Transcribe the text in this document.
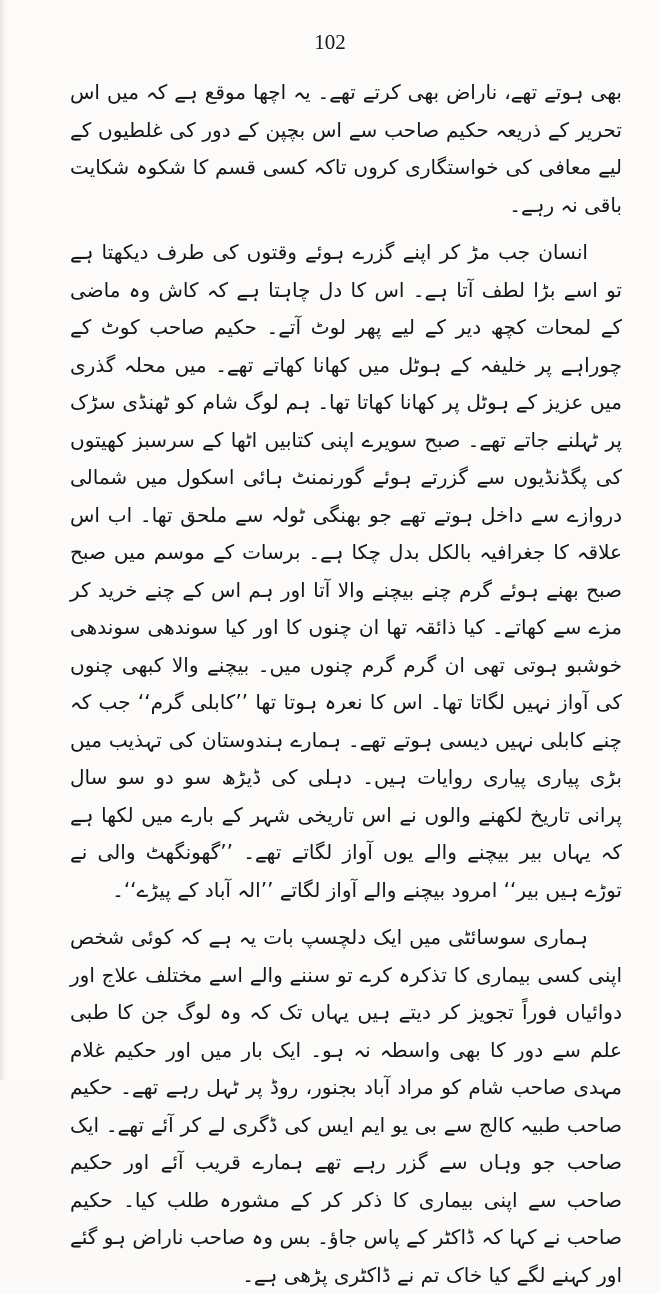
102

بھی ہوتے تھے، ناراض بھی کرتے تھے۔ یہ اچھا موقع ہے کہ میں اس تحریر کے ذریعہ حکیم صاحب سے اس بچپن کے دور کی غلطیوں کے لیے معافی کی خواستگاری کروں تاکہ کسی قسم کا شکوہ شکایت باقی نہ رہے۔

انسان جب مڑ کر اپنے گزرے ہوئے وقتوں کی طرف دیکھتا ہے تو اسے بڑا لطف آتا ہے۔ اس کا دل چاہتا ہے کہ کاش وہ ماضی کے لمحات کچھ دیر کے لیے پھر لوٹ آتے۔ حکیم صاحب کوٹ کے چوراہے پر خلیفہ کے ہوٹل میں کھانا کھاتے تھے۔ میں محلہ گذری میں عزیز کے ہوٹل پر کھانا کھاتا تھا۔ ہم لوگ شام کو ٹھنڈی سڑک پر ٹہلنے جاتے تھے۔ صبح سویرے اپنی کتابیں اٹھا کے سرسبز کھیتوں کی پگڈنڈیوں سے گزرتے ہوئے گورنمنٹ ہائی اسکول میں شمالی دروازے سے داخل ہوتے تھے جو بھنگی ٹولہ سے ملحق تھا۔ اب اس علاقہ کا جغرافیہ بالکل بدل چکا ہے۔ برسات کے موسم میں صبح صبح بھنے ہوئے گرم چنے بیچنے والا آتا اور ہم اس کے چنے خرید کر مزے سے کھاتے۔ کیا ذائقہ تھا ان چنوں کا اور کیا سوندھی سوندھی خوشبو ہوتی تھی ان گرم گرم چنوں میں۔ بیچنے والا کبھی چنوں کی آواز نہیں لگاتا تھا۔ اس کا نعرہ ہوتا تھا ’’کابلی گرم‘‘ جب کہ چنے کابلی نہیں دیسی ہوتے تھے۔ ہمارے ہندوستان کی تہذیب میں بڑی پیاری پیاری روایات ہیں۔ دہلی کی ڈیڑھ سو دو سو سال پرانی تاریخ لکھنے والوں نے اس تاریخی شہر کے بارے میں لکھا ہے کہ یہاں بیر بیچنے والے یوں آواز لگاتے تھے۔ ’’گھونگھٹ والی نے توڑے ہیں بیر‘‘ امرود بیچنے والے آواز لگاتے ’’الہ آباد کے پیڑے‘‘۔

ہماری سوسائٹی میں ایک دلچسپ بات یہ ہے کہ کوئی شخص اپنی کسی بیماری کا تذکرہ کرے تو سننے والے اسے مختلف علاج اور دوائیاں فوراً تجویز کر دیتے ہیں یہاں تک کہ وہ لوگ جن کا طبی علم سے دور کا بھی واسطہ نہ ہو۔ ایک بار میں اور حکیم غلام مہدی صاحب شام کو مراد آباد بجنور، روڈ پر ٹہل رہے تھے۔ حکیم صاحب طبیہ کالج سے بی یو ایم ایس کی ڈگری لے کر آئے تھے۔ ایک صاحب جو وہاں سے گزر رہے تھے ہمارے قریب آئے اور حکیم صاحب سے اپنی بیماری کا ذکر کر کے مشورہ طلب کیا۔ حکیم صاحب نے کہا کہ ڈاکٹر کے پاس جاؤ۔ بس وہ صاحب ناراض ہو گئے اور کہنے لگے کیا خاک تم نے ڈاکٹری پڑھی ہے۔
